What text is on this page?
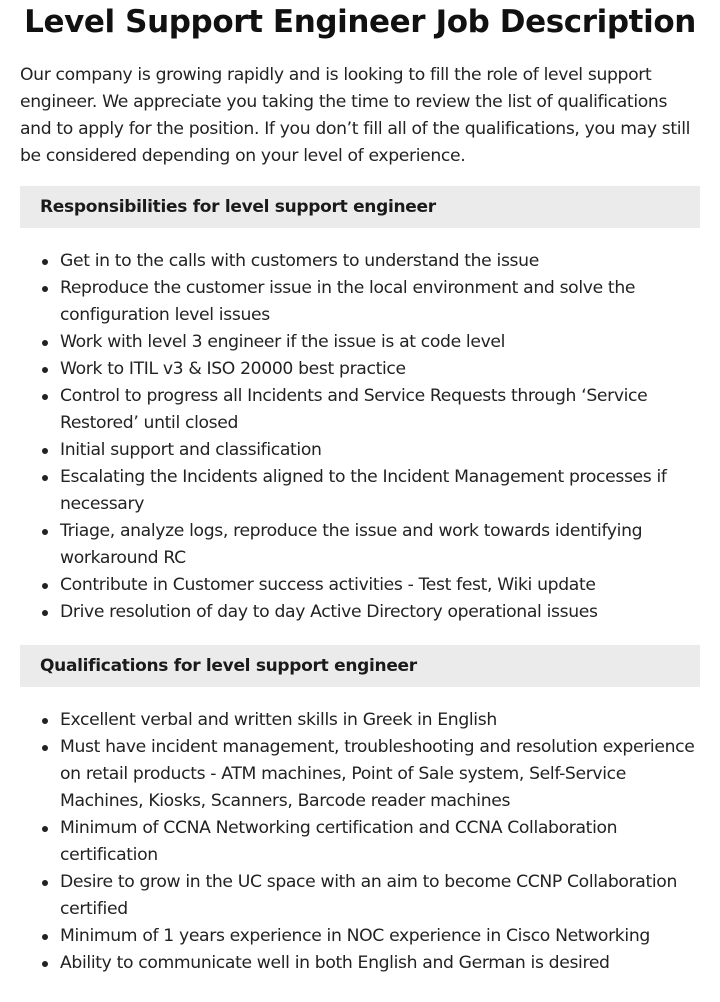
Level Support Engineer Job Description

Our company is growing rapidly and is looking to fill the role of level support engineer. We appreciate you taking the time to review the list of qualifications and to apply for the position. If you don’t fill all of the qualifications, you may still be considered depending on your level of experience.

Responsibilities for level support engineer
Get in to the calls with customers to understand the issue
Reproduce the customer issue in the local environment and solve the configuration level issues
Work with level 3 engineer if the issue is at code level
Work to ITIL v3 & ISO 20000 best practice
Control to progress all Incidents and Service Requests through ‘Service Restored’ until closed
Initial support and classification
Escalating the Incidents aligned to the Incident Management processes if necessary
Triage, analyze logs, reproduce the issue and work towards identifying workaround RC
Contribute in Customer success activities - Test fest, Wiki update
Drive resolution of day to day Active Directory operational issues
Qualifications for level support engineer
Excellent verbal and written skills in Greek in English
Must have incident management, troubleshooting and resolution experience on retail products - ATM machines, Point of Sale system, Self-Service Machines, Kiosks, Scanners, Barcode reader machines
Minimum of CCNA Networking certification and CCNA Collaboration certification
Desire to grow in the UC space with an aim to become CCNP Collaboration certified
Minimum of 1 years experience in NOC experience in Cisco Networking
Ability to communicate well in both English and German is desired
